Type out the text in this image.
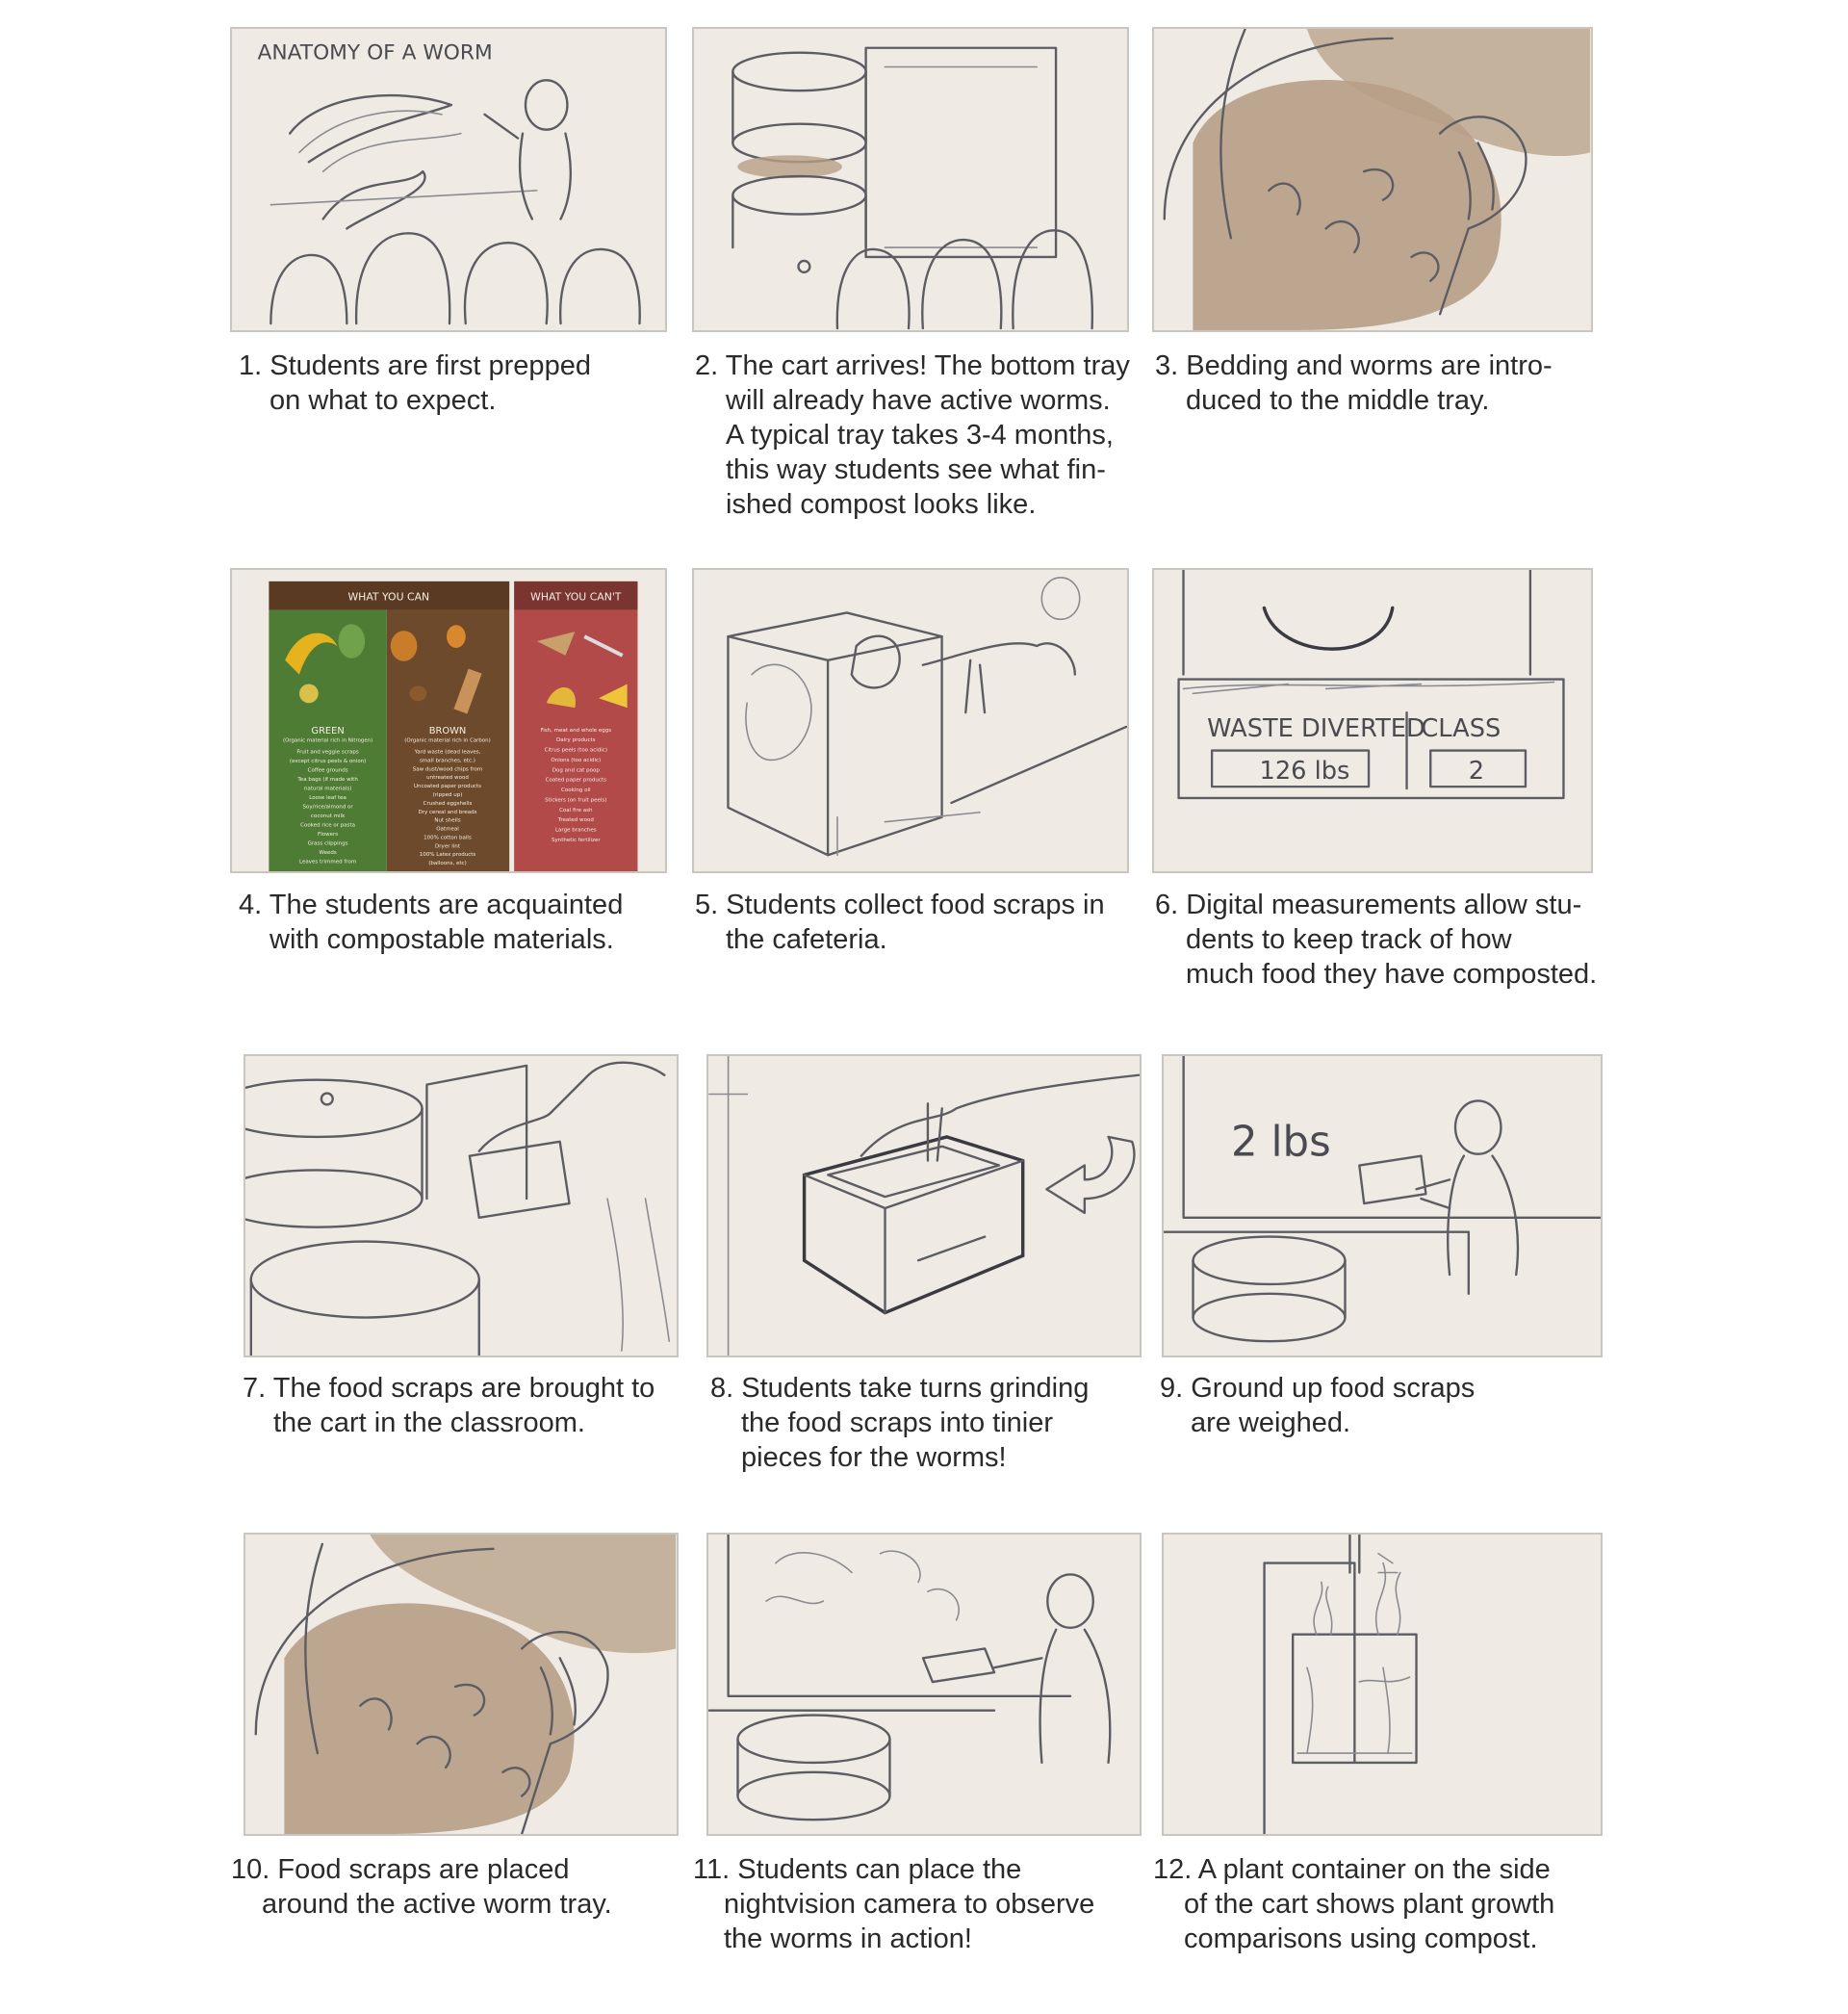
ANATOMY OF A WORM
1. Students are first prepped
on what to expect.
2. The cart arrives! The bottom tray
will already have active worms.
A typical tray takes 3-4 months,
this way students see what fin-
ished compost looks like.
3. Bedding and worms are intro-
duced to the middle tray.
WHAT YOU CAN	WHAT YOU CAN'T
GREEN
(Organic material rich in Nitrogen)
Fruit and veggie scraps
(except citrus peels & onion)
Coffee grounds
Tea bags (if made with
natural materials)
Loose leaf tea
Soy/rice/almond or
coconut milk
Cooked rice or pasta
Flowers
Grass clippings
Weeds
Leaves trimmed from
BROWN
(Organic material rich in Carbon)
Yard waste (dead leaves,
small branches, etc.)
Saw dust/wood chips from
untreated wood
Uncoated paper products
(ripped up)
Crushed eggshells
Dry cereal and breads
Nut shells
Oatmeal
100% cotton balls
Dryer lint
100% Latex products
(balloons, etc)
Fish, meat and whole eggs
Dairy products
Citrus peels (too acidic)
Onions (too acidic)
Dog and cat poop
Coated paper products
Cooking oil
Stickers (on fruit peels)
Coal fire ash
Treated wood
Large branches
Synthetic fertilizer
4. The students are acquainted
with compostable materials.
5. Students collect food scraps in
the cafeteria.
WASTE DIVERTED
CLASS
126 lbs	2
6. Digital measurements allow stu-
dents to keep track of how
much food they have composted.
7. The food scraps are brought to
the cart in the classroom.
8. Students take turns grinding
the food scraps into tinier
pieces for the worms!
2 lbs
9. Ground up food scraps
are weighed.
10. Food scraps are placed
around the active worm tray.
11. Students can place the
nightvision camera to observe
the worms in action!
12. A plant container on the side
of the cart shows plant growth
comparisons using compost.
